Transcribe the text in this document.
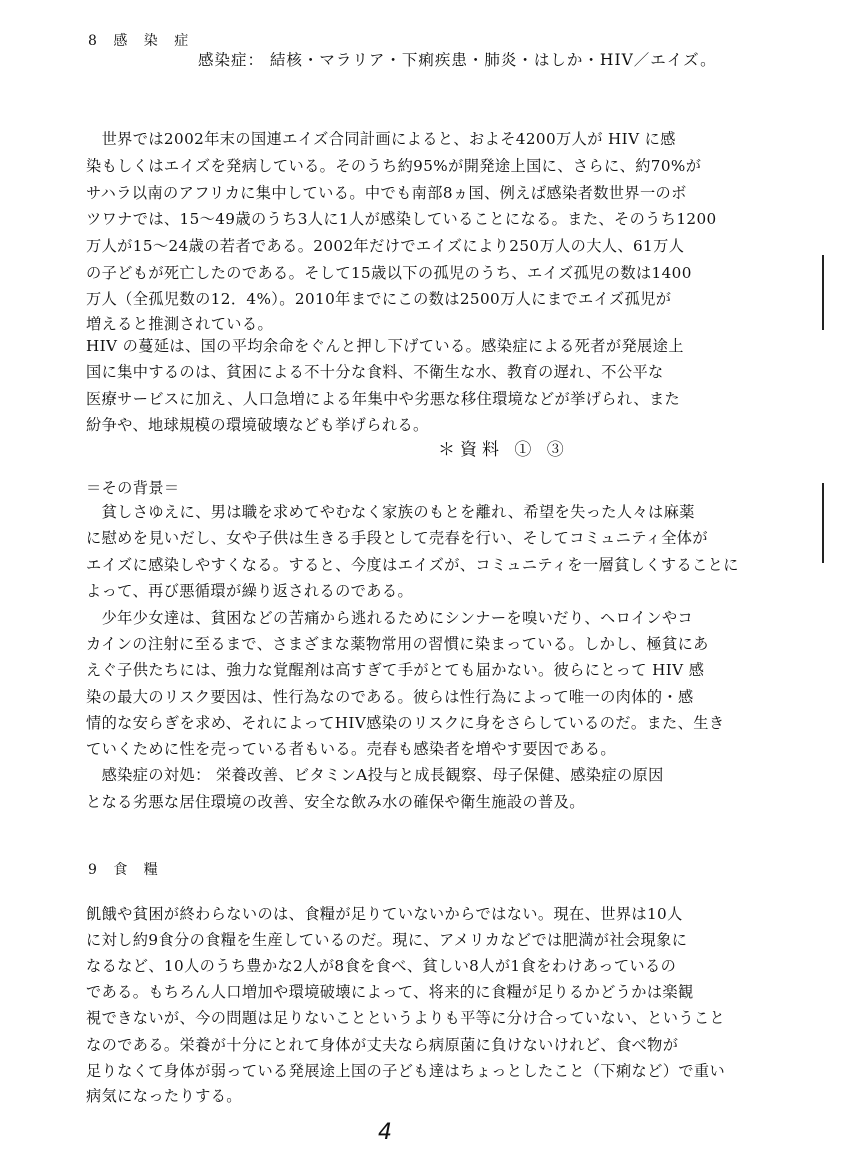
8 感 染 症
感染症： 結核・マラリア・下痢疾患・肺炎・はしか・HIV／エイズ。
　世界では2002年末の国連エイズ合同計画によると、およそ4200万人が HIV に感
染もしくはエイズを発病している。そのうち約95%が開発途上国に、さらに、約70%が
サハラ以南のアフリカに集中している。中でも南部8ヵ国、例えば感染者数世界一のボ
ツワナでは、15～49歳のうち3人に1人が感染していることになる。また、そのうち1200
万人が15～24歳の若者である。2002年だけでエイズにより250万人の大人、61万人
の子どもが死亡したのである。そして15歳以下の孤児のうち、エイズ孤児の数は1400
万人（全孤児数の12．4%）。2010年までにこの数は2500万人にまでエイズ孤児が
増えると推測されている。
HIV の蔓延は、国の平均余命をぐんと押し下げている。感染症による死者が発展途上
国に集中するのは、貧困による不十分な食料、不衛生な水、教育の遅れ、不公平な
医療サービスに加え、人口急増による年集中や劣悪な移住環境などが挙げられ、また
紛争や、地球規模の環境破壊なども挙げられる。
＊資料 ① ③
＝その背景＝
　貧しさゆえに、男は職を求めてやむなく家族のもとを離れ、希望を失った人々は麻薬
に慰めを見いだし、女や子供は生きる手段として売春を行い、そしてコミュニティ全体が
エイズに感染しやすくなる。すると、今度はエイズが、コミュニティを一層貧しくすることに
よって、再び悪循環が繰り返されるのである。
　少年少女達は、貧困などの苦痛から逃れるためにシンナーを嗅いだり、ヘロインやコ
カインの注射に至るまで、さまざまな薬物常用の習慣に染まっている。しかし、極貧にあ
えぐ子供たちには、強力な覚醒剤は高すぎて手がとても届かない。彼らにとって HIV 感
染の最大のリスク要因は、性行為なのである。彼らは性行為によって唯一の肉体的・感
情的な安らぎを求め、それによってHIV感染のリスクに身をさらしているのだ。また、生き
ていくために性を売っている者もいる。売春も感染者を増やす要因である。
　感染症の対処： 栄養改善、ビタミンA投与と成長観察、母子保健、感染症の原因
となる劣悪な居住環境の改善、安全な飲み水の確保や衛生施設の普及。
9 食 糧
飢餓や貧困が終わらないのは、食糧が足りていないからではない。現在、世界は10人
に対し約9食分の食糧を生産しているのだ。現に、アメリカなどでは肥満が社会現象に
なるなど、10人のうち豊かな2人が8食を食べ、貧しい8人が1食をわけあっているの
である。もちろん人口増加や環境破壊によって、将来的に食糧が足りるかどうかは楽観
視できないが、今の問題は足りないことというよりも平等に分け合っていない、ということ
なのである。栄養が十分にとれて身体が丈夫なら病原菌に負けないけれど、食べ物が
足りなくて身体が弱っている発展途上国の子ども達はちょっとしたこと（下痢など）で重い
病気になったりする。
4
